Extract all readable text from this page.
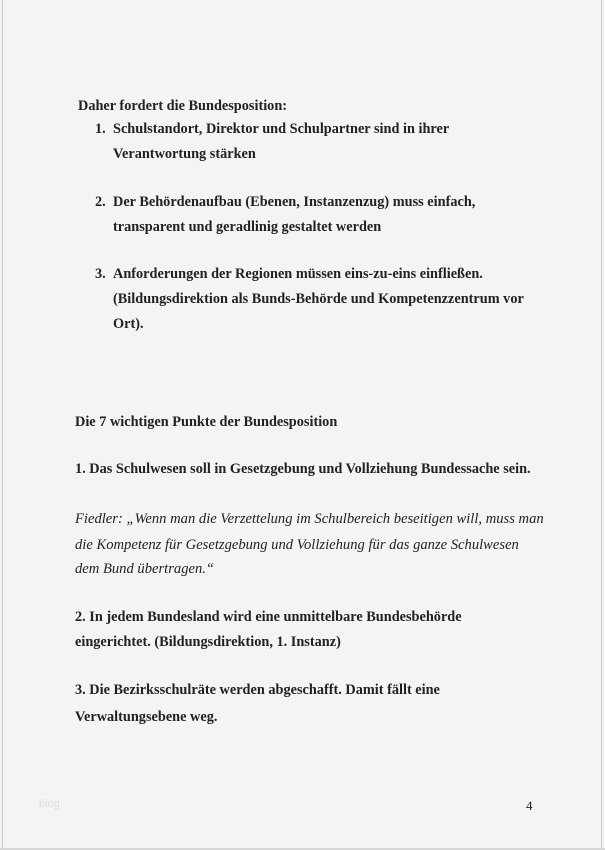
Daher fordert die Bundesposition:
1. Schulstandort, Direktor und Schulpartner sind in ihrer
Verantwortung stärken
2. Der Behördenaufbau (Ebenen, Instanzenzug) muss einfach,
transparent und geradlinig gestaltet werden
3. Anforderungen der Regionen müssen eins-zu-eins einfließen.
(Bildungsdirektion als Bunds-Behörde und Kompetenzzentrum vor
Ort).
Die 7 wichtigen Punkte der Bundesposition
1. Das Schulwesen soll in Gesetzgebung und Vollziehung Bundessache sein.
Fiedler: „Wenn man die Verzettelung im Schulbereich beseitigen will, muss man
die Kompetenz für Gesetzgebung und Vollziehung für das ganze Schulwesen
dem Bund übertragen.“
2. In jedem Bundesland wird eine unmittelbare Bundesbehörde
eingerichtet. (Bildungsdirektion, 1. Instanz)
3. Die Bezirksschulräte werden abgeschafft. Damit fällt eine
Verwaltungsebene weg.
blog	4
